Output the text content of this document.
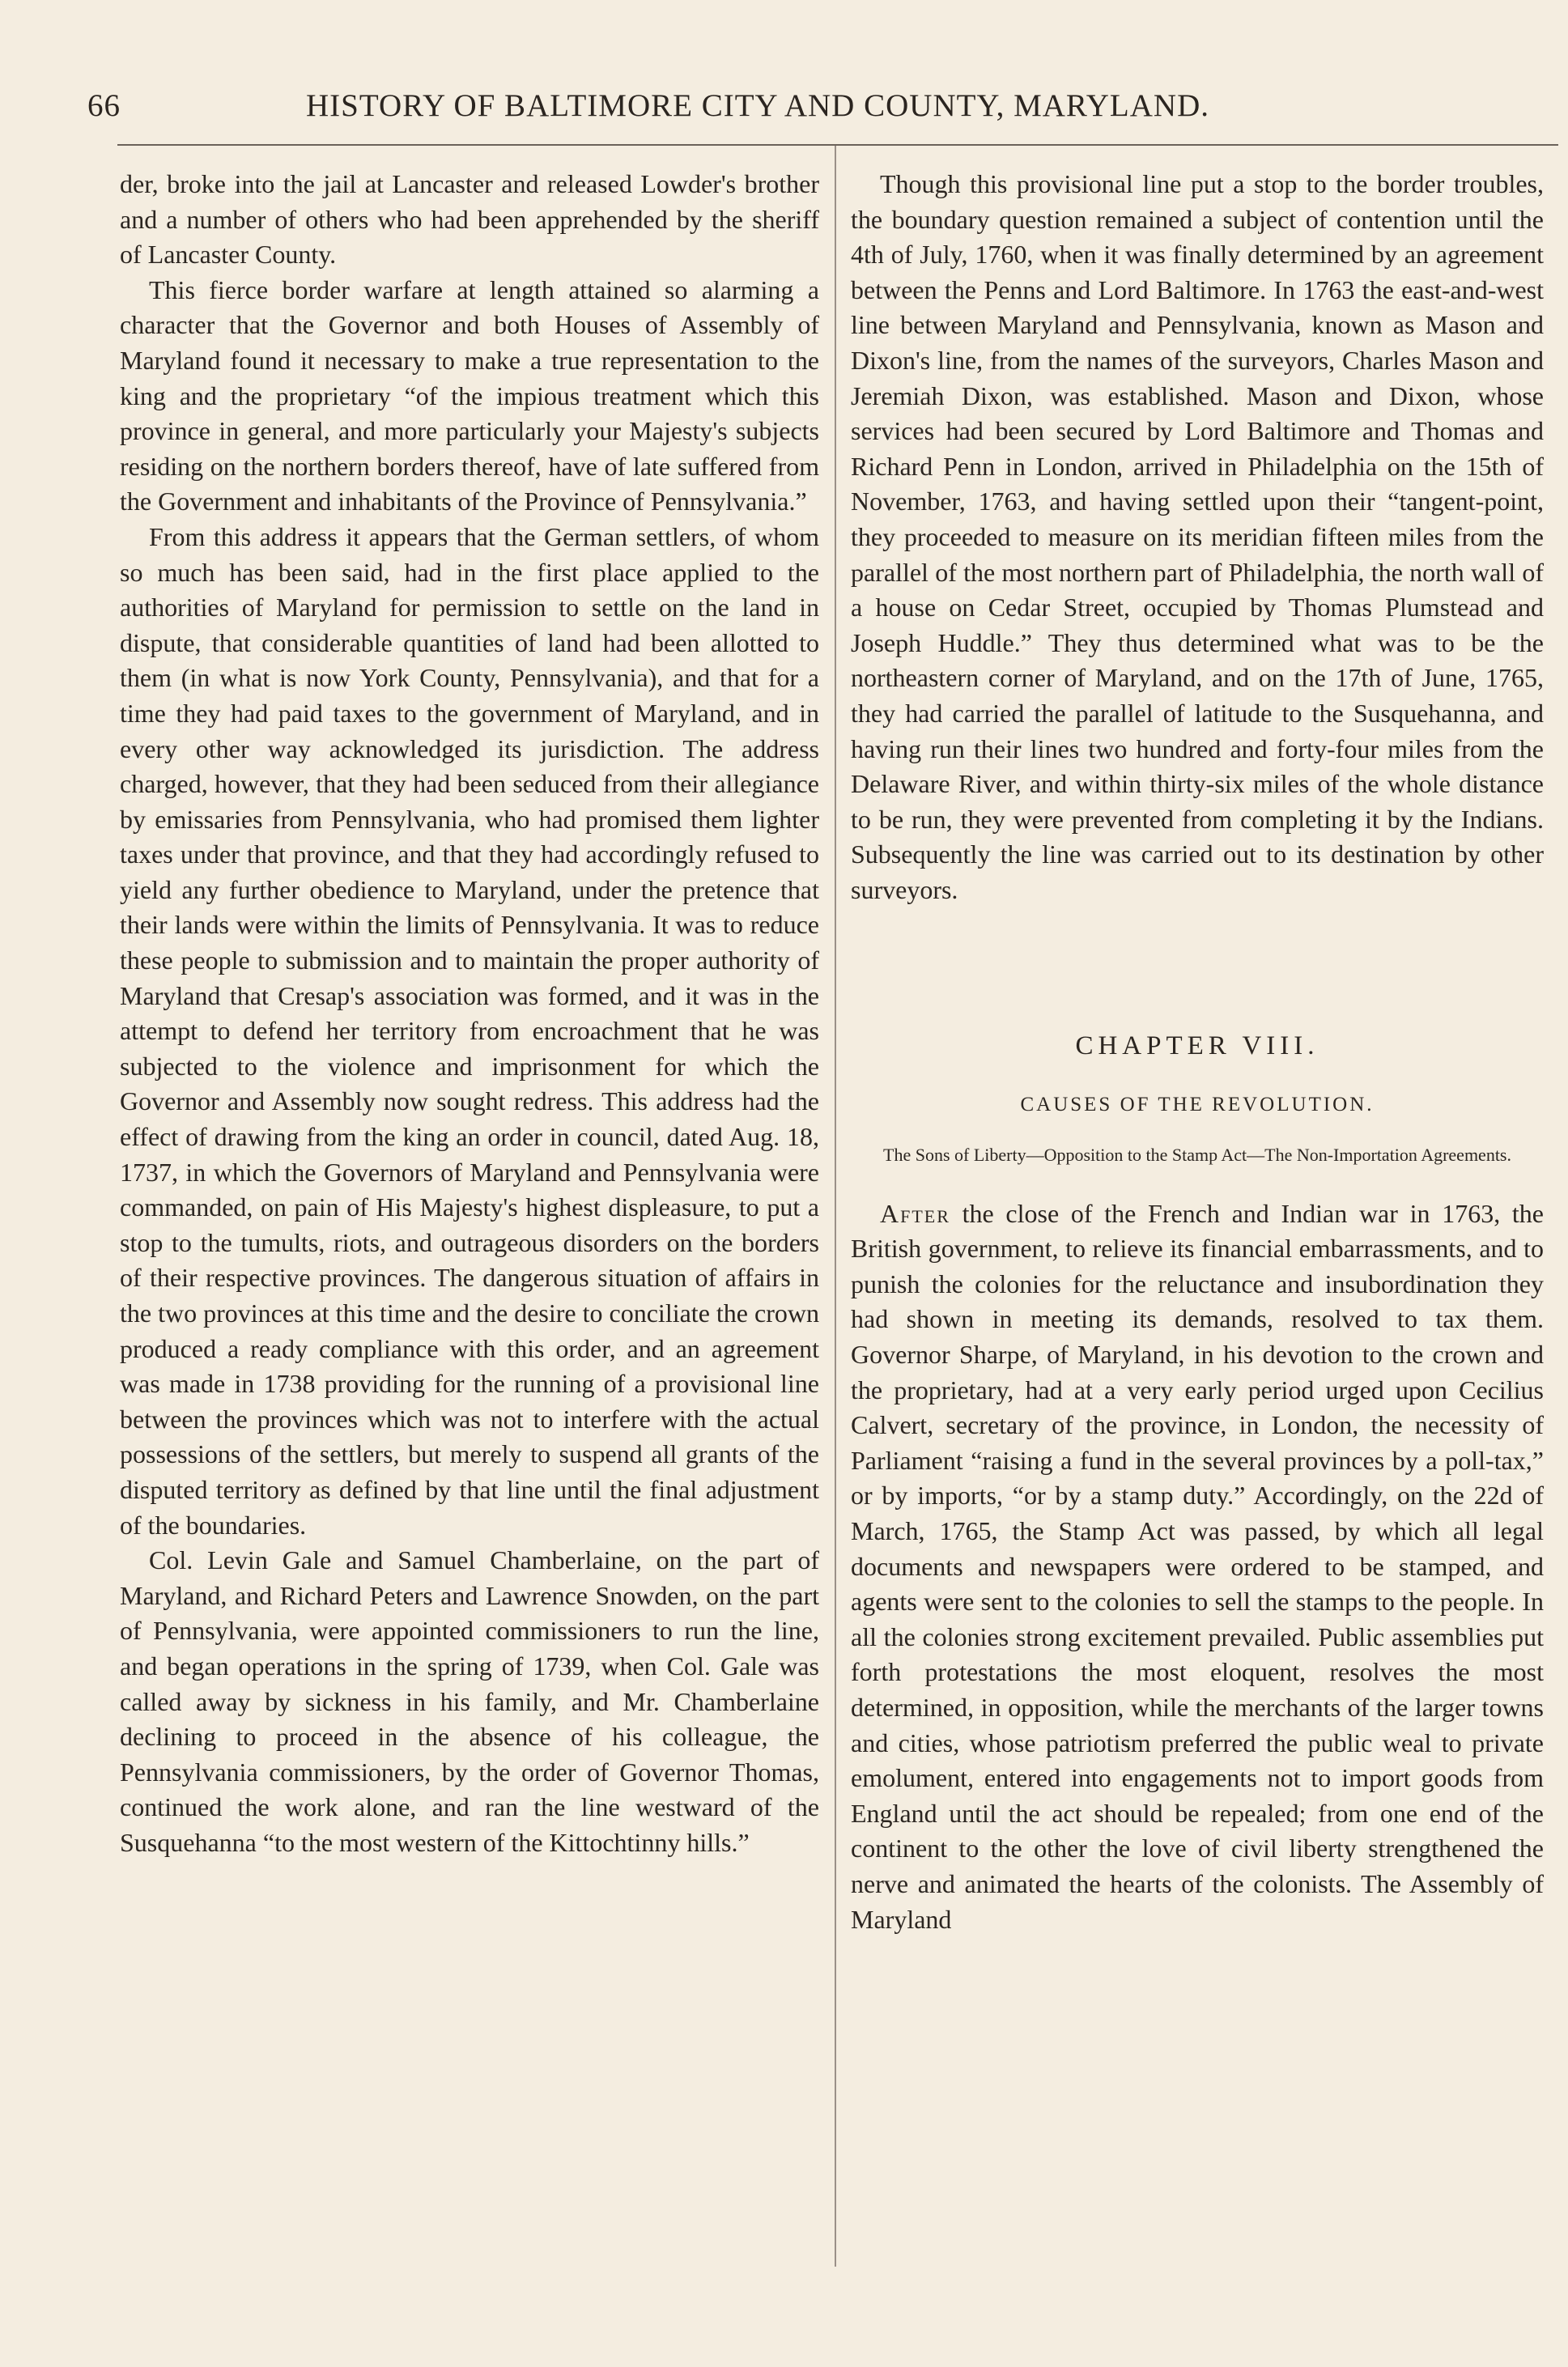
66	HISTORY OF BALTIMORE CITY AND COUNTY, MARYLAND.

der, broke into the jail at Lancaster and released Lowder's brother and a number of others who had been apprehended by the sheriff of Lancaster County.

This fierce border warfare at length attained so alarming a character that the Governor and both Houses of Assembly of Maryland found it necessary to make a true representation to the king and the proprietary “of the impious treatment which this province in general, and more particularly your Majesty's subjects residing on the northern borders thereof, have of late suffered from the Government and inhabitants of the Province of Pennsylvania.”

From this address it appears that the German settlers, of whom so much has been said, had in the first place applied to the authorities of Maryland for permission to settle on the land in dispute, that considerable quantities of land had been allotted to them (in what is now York County, Pennsylvania), and that for a time they had paid taxes to the government of Maryland, and in every other way acknowledged its jurisdiction. The address charged, however, that they had been seduced from their allegiance by emissaries from Pennsylvania, who had promised them lighter taxes under that province, and that they had accordingly refused to yield any further obedience to Maryland, under the pretence that their lands were within the limits of Pennsylvania. It was to reduce these people to submission and to maintain the proper authority of Maryland that Cresap's association was formed, and it was in the attempt to defend her territory from encroachment that he was subjected to the violence and imprisonment for which the Governor and Assembly now sought redress. This address had the effect of drawing from the king an order in council, dated Aug. 18, 1737, in which the Governors of Maryland and Pennsylvania were commanded, on pain of His Majesty's highest displeasure, to put a stop to the tumults, riots, and outrageous disorders on the borders of their respective provinces. The dangerous situation of affairs in the two provinces at this time and the desire to conciliate the crown produced a ready compliance with this order, and an agreement was made in 1738 providing for the running of a provisional line between the provinces which was not to interfere with the actual possessions of the settlers, but merely to suspend all grants of the disputed territory as defined by that line until the final adjustment of the boundaries.

Col. Levin Gale and Samuel Chamberlaine, on the part of Maryland, and Richard Peters and Lawrence Snowden, on the part of Pennsylvania, were appointed commissioners to run the line, and began operations in the spring of 1739, when Col. Gale was called away by sickness in his family, and Mr. Chamberlaine declining to proceed in the absence of his colleague, the Pennsylvania commissioners, by the order of Governor Thomas, continued the work alone, and ran the line westward of the Susquehanna “to the most western of the Kittochtinny hills.”

Though this provisional line put a stop to the border troubles, the boundary question remained a subject of contention until the 4th of July, 1760, when it was finally determined by an agreement between the Penns and Lord Baltimore. In 1763 the east-and-west line between Maryland and Pennsylvania, known as Mason and Dixon's line, from the names of the surveyors, Charles Mason and Jeremiah Dixon, was established. Mason and Dixon, whose services had been secured by Lord Baltimore and Thomas and Richard Penn in London, arrived in Philadelphia on the 15th of November, 1763, and having settled upon their “tangent-point, they proceeded to measure on its meridian fifteen miles from the parallel of the most northern part of Philadelphia, the north wall of a house on Cedar Street, occupied by Thomas Plumstead and Joseph Huddle.” They thus determined what was to be the northeastern corner of Maryland, and on the 17th of June, 1765, they had carried the parallel of latitude to the Susquehanna, and having run their lines two hundred and forty-four miles from the Delaware River, and within thirty-six miles of the whole distance to be run, they were prevented from completing it by the Indians. Subsequently the line was carried out to its destination by other surveyors.

CHAPTER VIII.
CAUSES OF THE REVOLUTION.
The Sons of Liberty—Opposition to the Stamp Act—The Non-Importation Agreements.

After the close of the French and Indian war in 1763, the British government, to relieve its financial embarrassments, and to punish the colonies for the reluctance and insubordination they had shown in meeting its demands, resolved to tax them. Governor Sharpe, of Maryland, in his devotion to the crown and the proprietary, had at a very early period urged upon Cecilius Calvert, secretary of the province, in London, the necessity of Parliament “raising a fund in the several provinces by a poll-tax,” or by imports, “or by a stamp duty.” Accordingly, on the 22d of March, 1765, the Stamp Act was passed, by which all legal documents and newspapers were ordered to be stamped, and agents were sent to the colonies to sell the stamps to the people. In all the colonies strong excitement prevailed. Public assemblies put forth protestations the most eloquent, resolves the most determined, in opposition, while the merchants of the larger towns and cities, whose patriotism preferred the public weal to private emolument, entered into engagements not to import goods from England until the act should be repealed; from one end of the continent to the other the love of civil liberty strengthened the nerve and animated the hearts of the colonists. The Assembly of Maryland
